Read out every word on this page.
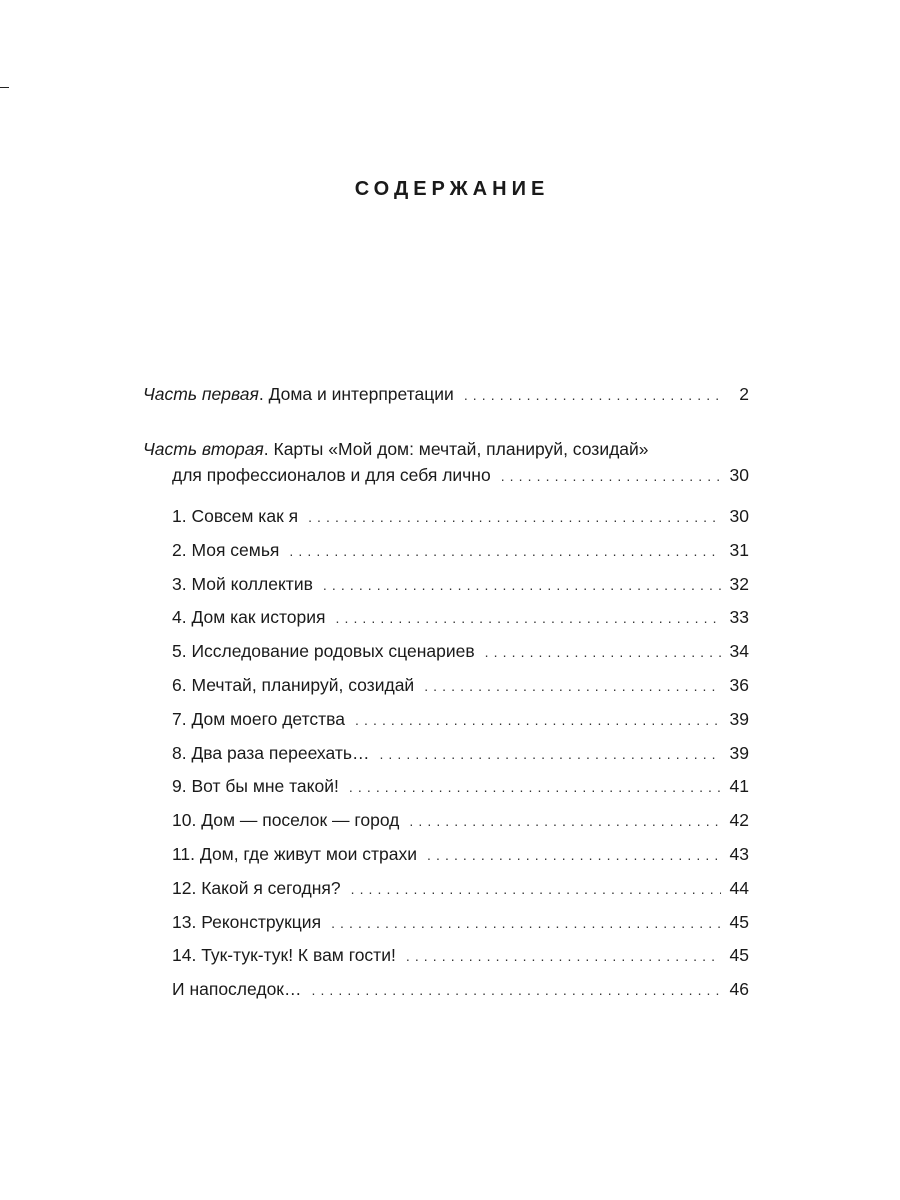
СОДЕРЖАНИЕ
Часть первая. Дома и интерпретации . . .	2
Часть вторая. Карты «Мой дом: мечтай, планируй, созидай»
для профессионалов и для себя лично . . .	30
1. Совсем как я . . .	30
2. Моя семья . . .	31
3. Мой коллектив . . .	32
4. Дом как история . . .	33
5. Исследование родовых сценариев . . .	34
6. Мечтай, планируй, созидай . . .	36
7. Дом моего детства . . .	39
8. Два раза переехать… . . .	39
9. Вот бы мне такой! . . .	41
10. Дом — поселок — город . . .	42
11. Дом, где живут мои страхи . . .	43
12. Какой я сегодня? . . .	44
13. Реконструкция . . .	45
14. Тук-тук-тук! К вам гости! . . .	45
И напоследок… . . .	46
